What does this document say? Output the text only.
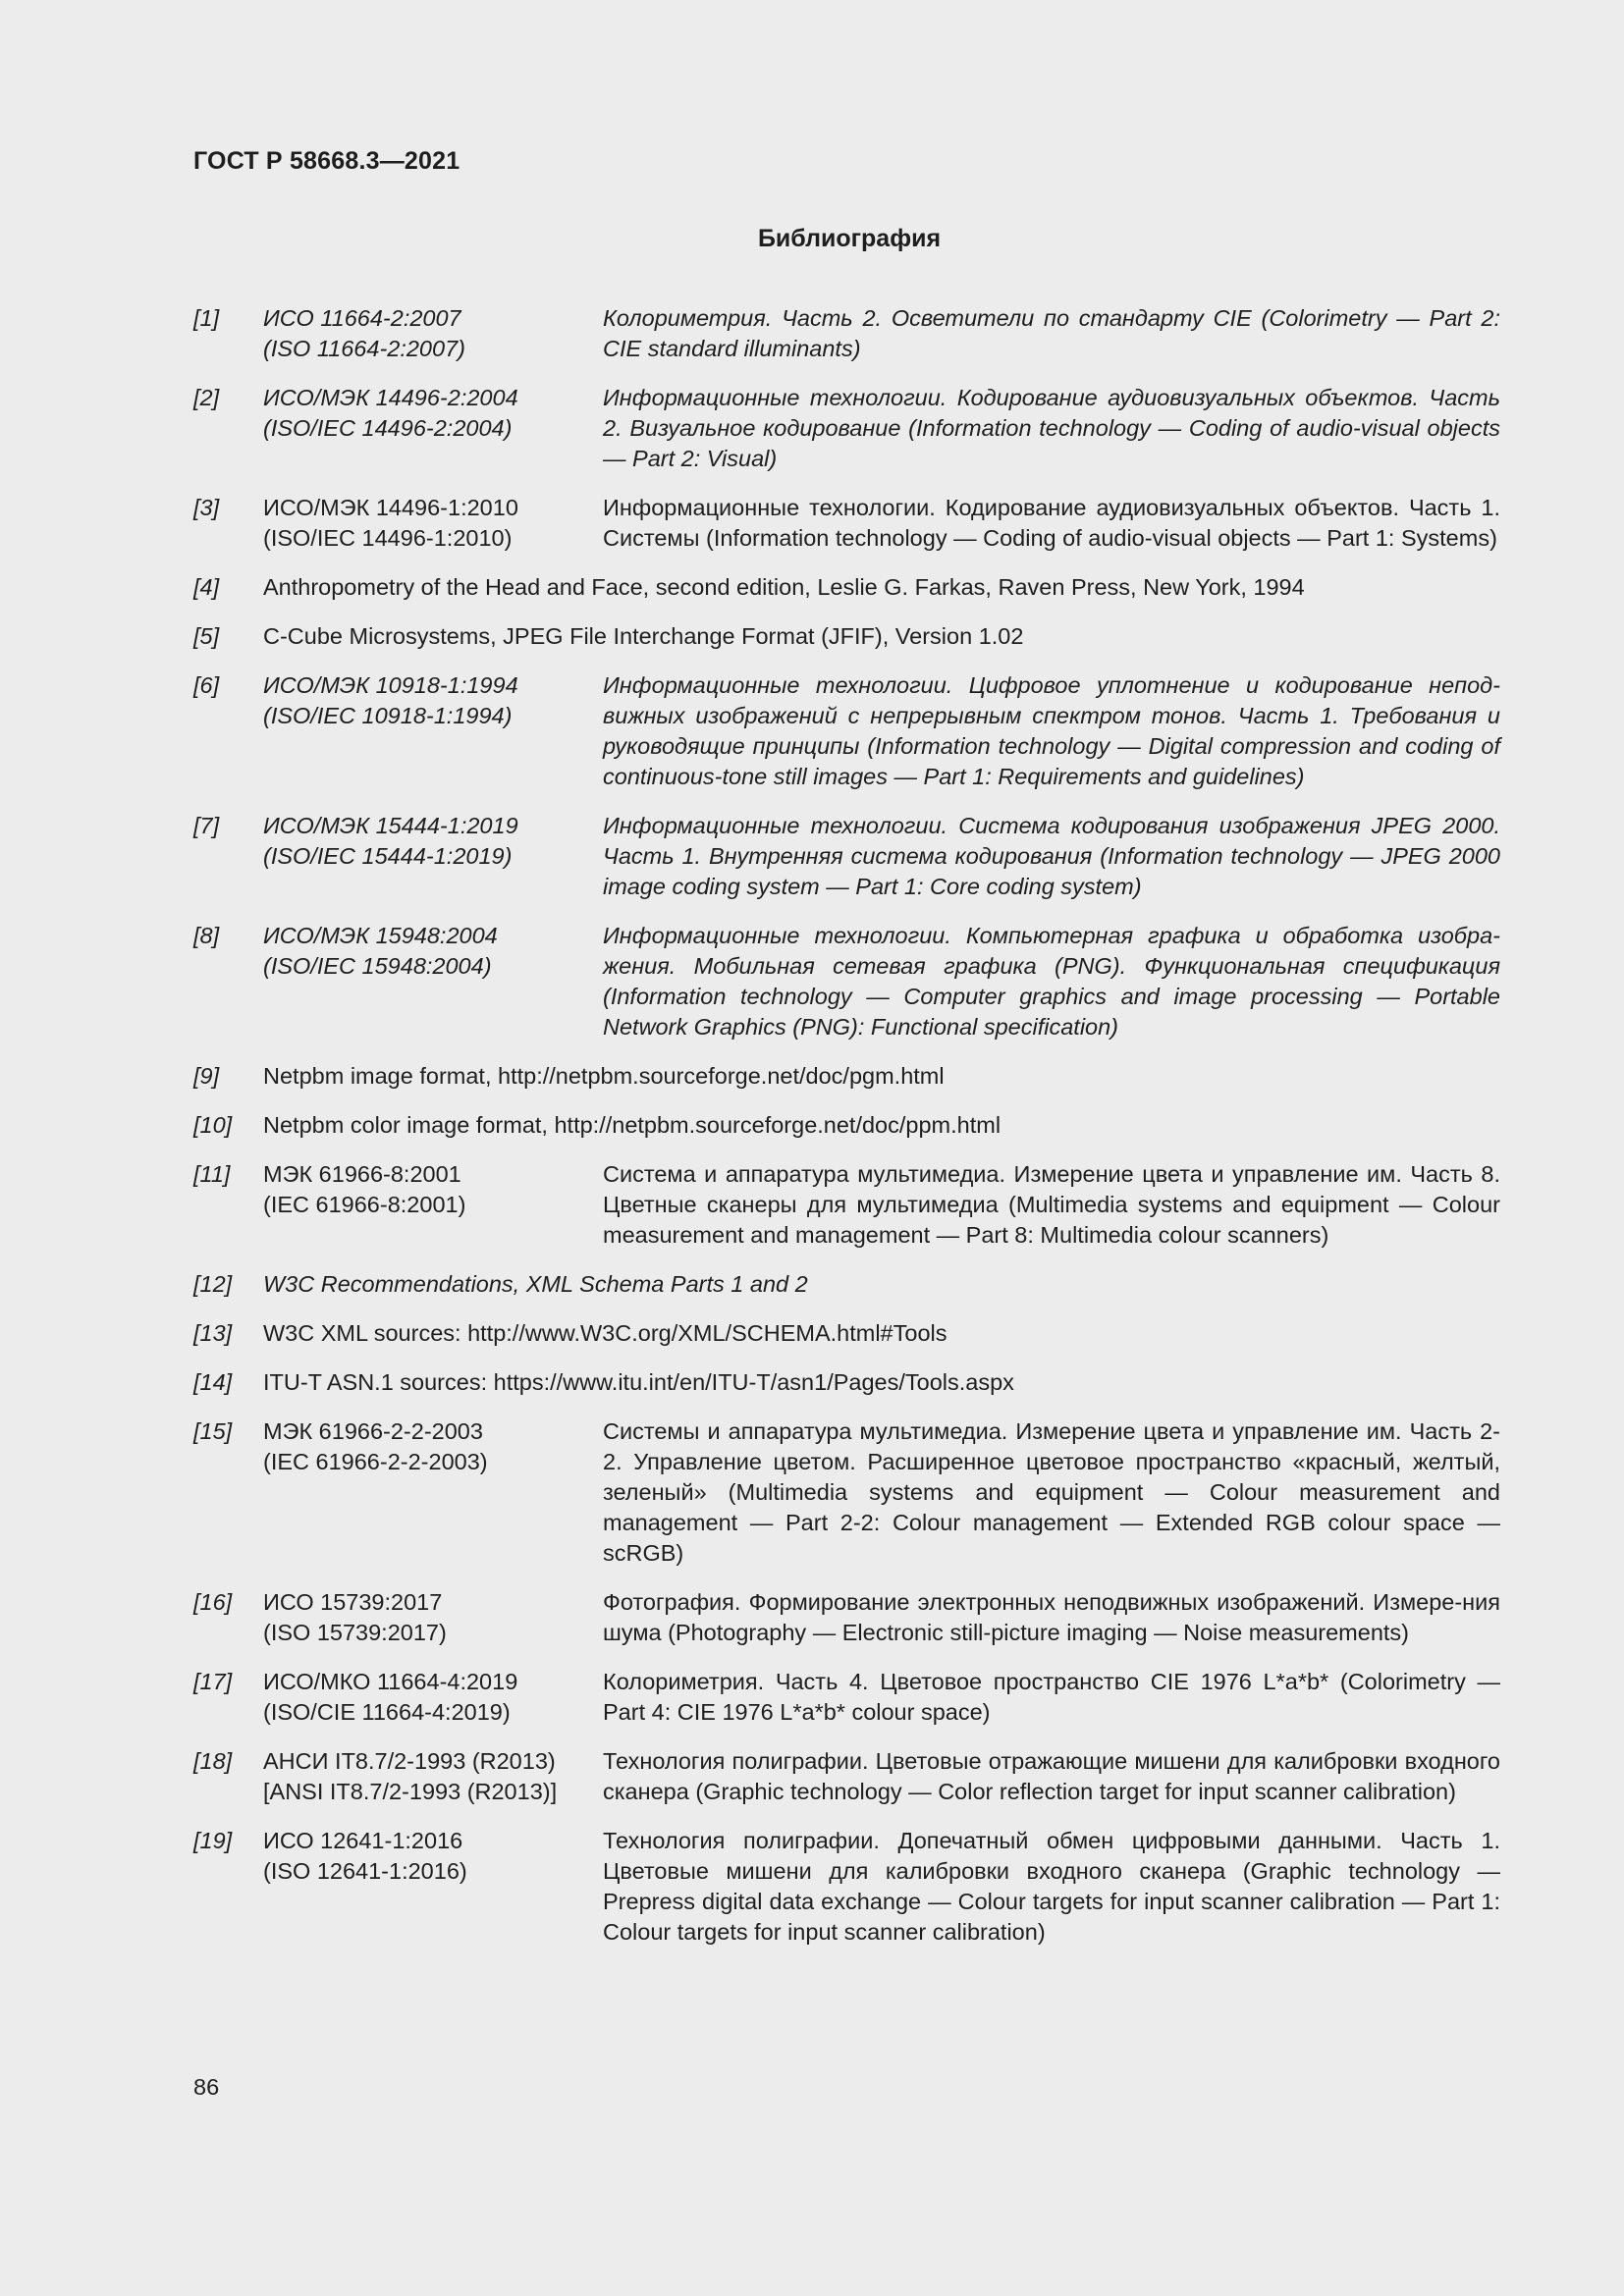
ГОСТ Р 58668.3—2021
Библиография
[1] ИСО 11664-2:2007
(ISO 11664-2:2007)
Колориметрия. Часть 2. Осветители по стандарту CIE (Colorimetry — Part 2: CIE standard illuminants)
[2] ИСО/МЭК 14496-2:2004
(ISO/IEC 14496-2:2004)
Информационные технологии. Кодирование аудиовизуальных объектов. Часть 2. Визуальное кодирование (Information technology — Coding of audio-visual objects — Part 2: Visual)
[3] ИСО/МЭК 14496-1:2010
(ISO/IEC 14496-1:2010)
Информационные технологии. Кодирование аудиовизуальных объектов. Часть 1. Системы (Information technology — Coding of audio-visual objects — Part 1: Systems)
[4] Anthropometry of the Head and Face, second edition, Leslie G. Farkas, Raven Press, New York, 1994
[5] C-Cube Microsystems, JPEG File Interchange Format (JFIF), Version 1.02
[6] ИСО/МЭК 10918-1:1994
(ISO/IEC 10918-1:1994)
Информационные технологии. Цифровое уплотнение и кодирование непод-вижных изображений с непрерывным спектром тонов. Часть 1. Требования и руководящие принципы (Information technology — Digital compression and coding of continuous-tone still images — Part 1: Requirements and guidelines)
[7] ИСО/МЭК 15444-1:2019
(ISO/IEC 15444-1:2019)
Информационные технологии. Система кодирования изображения JPEG 2000. Часть 1. Внутренняя система кодирования (Information technology — JPEG 2000 image coding system — Part 1: Core coding system)
[8] ИСО/МЭК 15948:2004
(ISO/IEC 15948:2004)
Информационные технологии. Компьютерная графика и обработка изобра-жения. Мобильная сетевая графика (PNG). Функциональная спецификация (Information technology — Computer graphics and image processing — Portable Network Graphics (PNG): Functional specification)
[9] Netpbm image format, http://netpbm.sourceforge.net/doc/pgm.html
[10] Netpbm color image format, http://netpbm.sourceforge.net/doc/ppm.html
[11] МЭК 61966-8:2001
(IEC 61966-8:2001)
Система и аппаратура мультимедиа. Измерение цвета и управление им. Часть 8. Цветные сканеры для мультимедиа (Multimedia systems and equipment — Colour measurement and management — Part 8: Multimedia colour scanners)
[12] W3C Recommendations, XML Schema Parts 1 and 2
[13] W3C XML sources: http://www.W3C.org/XML/SCHEMA.html#Tools
[14] ITU-T ASN.1 sources: https://www.itu.int/en/ITU-T/asn1/Pages/Tools.aspx
[15] МЭК 61966-2-2-2003
(IEC 61966-2-2-2003)
Системы и аппаратура мультимедиа. Измерение цвета и управление им. Часть 2-2. Управление цветом. Расширенное цветовое пространство «красный, желтый, зеленый» (Multimedia systems and equipment — Colour measurement and management — Part 2-2: Colour management — Extended RGB colour space — scRGB)
[16] ИСО 15739:2017
(ISO 15739:2017)
Фотография. Формирование электронных неподвижных изображений. Измере-ния шума (Photography — Electronic still-picture imaging — Noise measurements)
[17] ИСО/МКО 11664-4:2019
(ISO/CIE 11664-4:2019)
Колориметрия. Часть 4. Цветовое пространство CIE 1976 L*a*b* (Colorimetry — Part 4: CIE 1976 L*a*b* colour space)
[18] АНСИ IT8.7/2-1993 (R2013)
[ANSI IT8.7/2-1993 (R2013)]
Технология полиграфии. Цветовые отражающие мишени для калибровки входного сканера (Graphic technology — Color reflection target for input scanner calibration)
[19] ИСО 12641-1:2016
(ISO 12641-1:2016)
Технология полиграфии. Допечатный обмен цифровыми данными. Часть 1. Цветовые мишени для калибровки входного сканера (Graphic technology — Prepress digital data exchange — Colour targets for input scanner calibration — Part 1: Colour targets for input scanner calibration)
86
